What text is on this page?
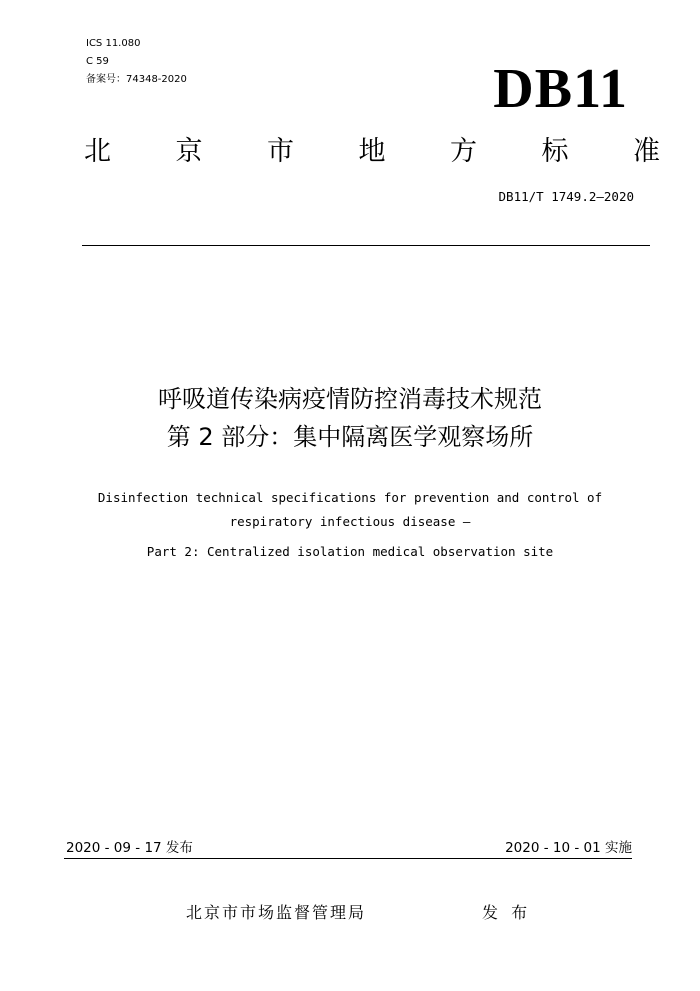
ICS 11.080
C 59
备案号：74348-2020	DB11
北 京 市 地 方 标 准
DB11/T 1749.2—2020
呼吸道传染病疫情防控消毒技术规范
第 2 部分：集中隔离医学观察场所
Disinfection technical specifications for prevention and control of
respiratory infectious disease —
Part 2: Centralized isolation medical observation site
2020 - 09 - 17 发布	2020 - 10 - 01 实施
北京市市场监督管理局	发 布
